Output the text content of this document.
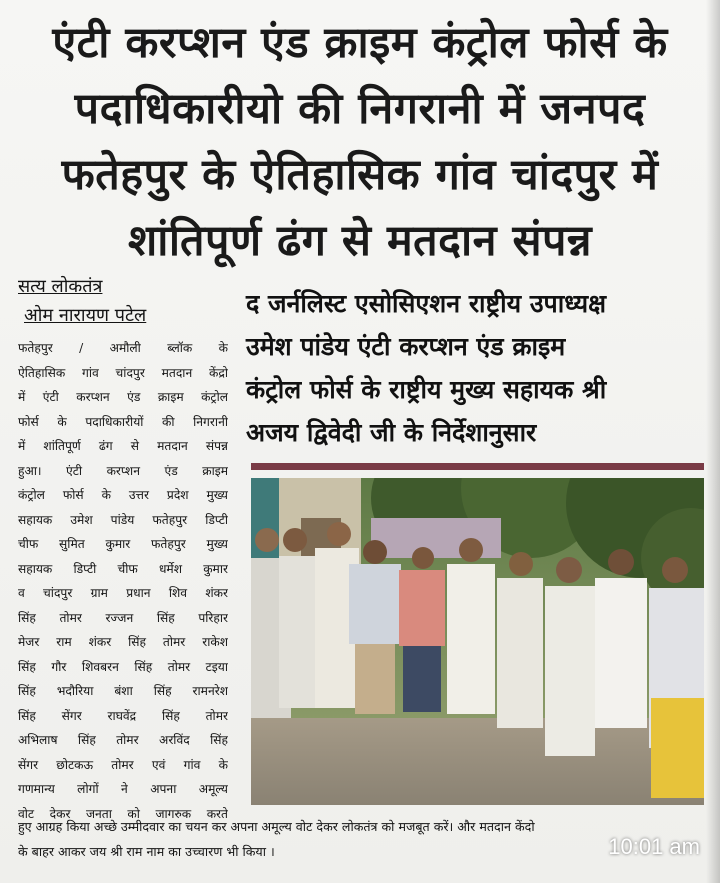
एंटी करप्शन एंड क्राइम कंट्रोल फोर्स के
पदाधिकारीयो की निगरानी में जनपद
फतेहपुर के ऐतिहासिक गांव चांदपुर में
शांतिपूर्ण ढंग से मतदान संपन्न

सत्य लोकतंत्र

ओम नारायण पटेल

फतेहपुर / अमौली ब्लॉक के
ऐतिहासिक गांव चांदपुर मतदान केंद्रो
में एंटी करप्शन एंड क्राइम कंट्रोल
फोर्स के पदाधिकारीयों की निगरानी
में शांतिपूर्ण ढंग से मतदान संपन्न
हुआ। एंटी करप्शन एंड क्राइम
कंट्रोल फोर्स के उत्तर प्रदेश मुख्य
सहायक उमेश पांडेय फतेहपुर डिप्टी
चीफ सुमित कुमार फतेहपुर मुख्य
सहायक डिप्टी चीफ धर्मेश कुमार
व चांदपुर ग्राम प्रधान शिव शंकर
सिंह तोमर रज्जन सिंह परिहार
मेजर राम शंकर सिंह तोमर राकेश
सिंह गौर शिवबरन सिंह तोमर टइया
सिंह भदौरिया बंशा सिंह रामनरेश
सिंह सेंगर राघवेंद्र सिंह तोमर
अभिलाष सिंह तोमर अरविंद सिंह
सेंगर छोटकऊ तोमर एवं गांव के
गणमान्य लोगों ने अपना अमूल्य
वोट देकर जनता को जागरुक करते
द जर्नलिस्ट एसोसिएशन राष्ट्रीय उपाध्यक्ष
उमेश पांडेय एंटी करप्शन एंड क्राइम
कंट्रोल फोर्स के राष्ट्रीय मुख्य सहायक श्री
अजय द्विवेदी जी के निर्देशानुसार
हुए आग्रह किया अच्छे उम्मीदवार का चयन कर अपना अमूल्य वोट देकर लोकतंत्र को मजबूत करें। और मतदान केंदो
के बाहर आकर जय श्री राम नाम का उच्चारण भी किया ।	10:01 am
